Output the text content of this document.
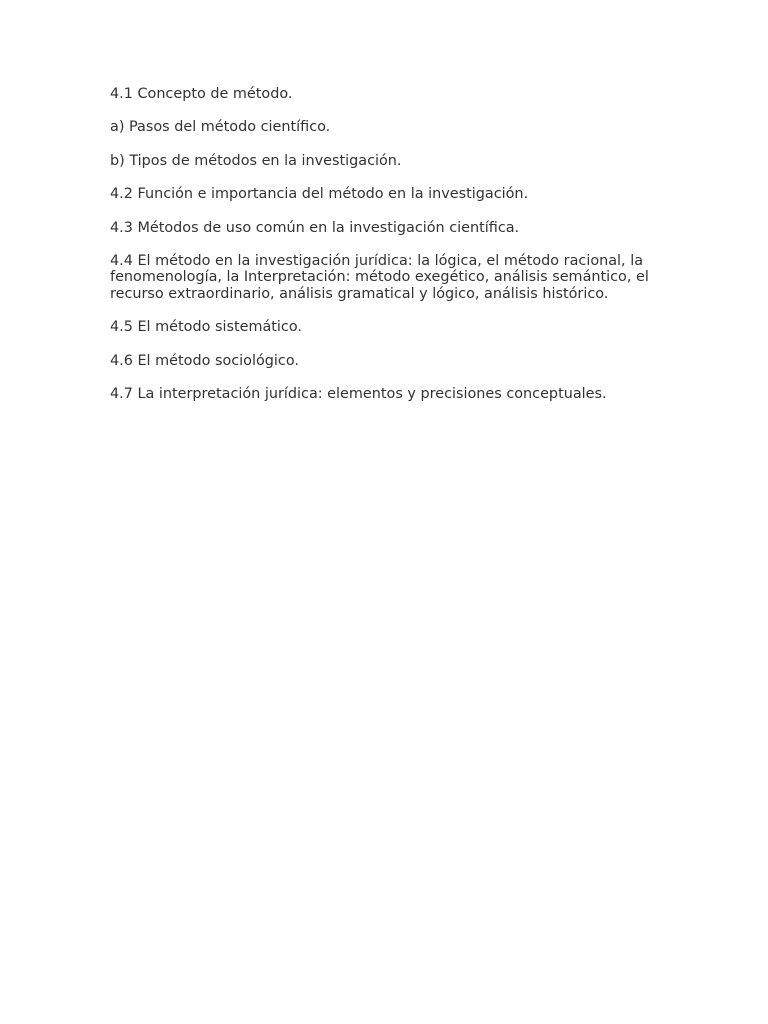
4.1 Concepto de método.

a) Pasos del método científico.

b) Tipos de métodos en la investigación.

4.2 Función e importancia del método en la investigación.

4.3 Métodos de uso común en la investigación científica.

4.4 El método en la investigación jurídica: la lógica, el método racional, la fenomenología, la Interpretación: método exegético, análisis semántico, el recurso extraordinario, análisis gramatical y lógico, análisis histórico.

4.5 El método sistemático.

4.6 El método sociológico.

4.7 La interpretación jurídica: elementos y precisiones conceptuales.
